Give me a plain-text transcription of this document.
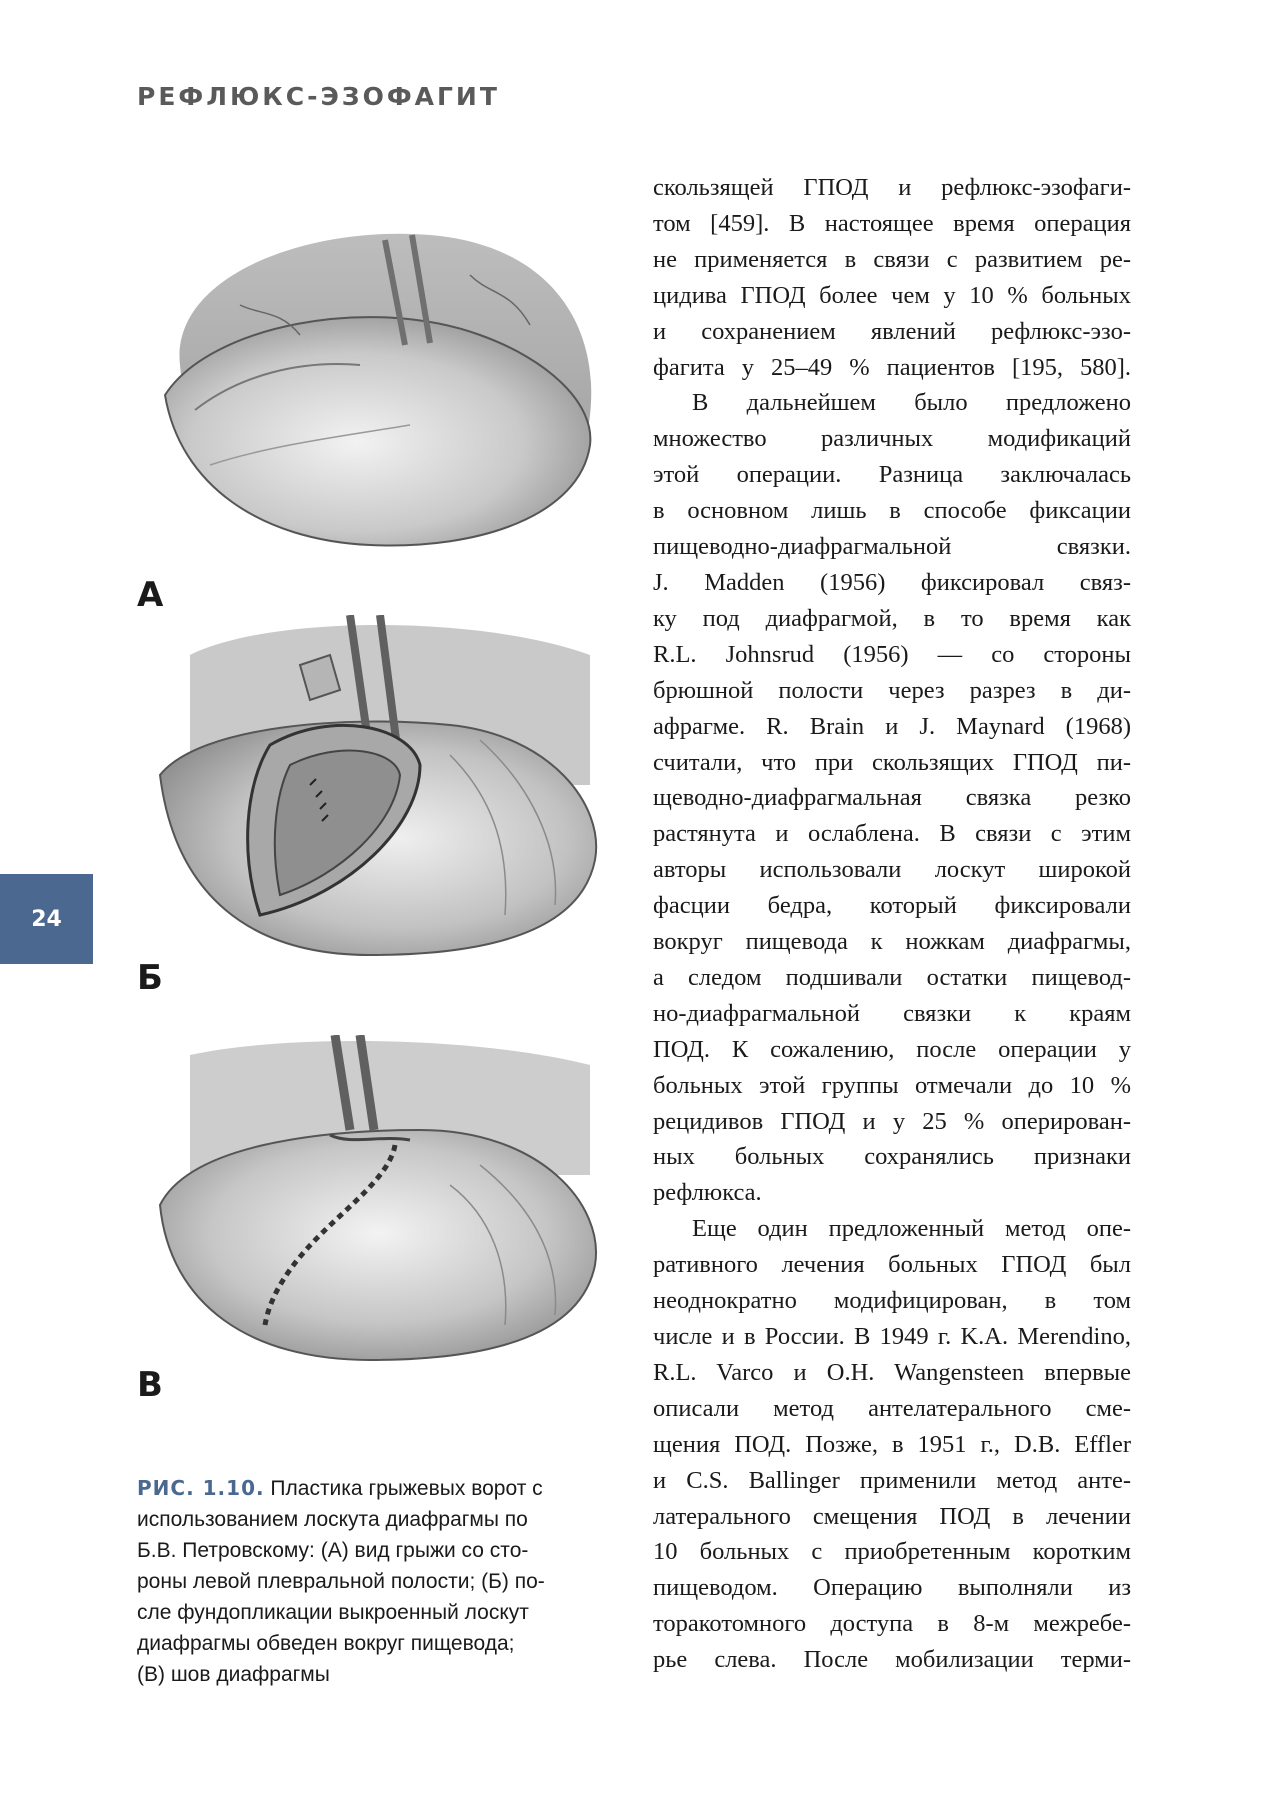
РЕФЛЮКС-ЭЗОФАГИТ
24
А
Б
В
РИС. 1.10. Пластика грыжевых ворот с
использованием лоскута диафрагмы по
Б.В. Петровскому: (А) вид грыжи со сто-
роны левой плевральной полости; (Б) по-
сле фундопликации выкроенный лоскут
диафрагмы обведен вокруг пищевода;
(В) шов диафрагмы
скользящей ГПОД и рефлюкс-эзофаги-
том [459]. В настоящее время операция
не применяется в связи с развитием ре-
цидива ГПОД более чем у 10 % больных
и сохранением явлений рефлюкс-эзо-
фагита у 25–49 % пациентов [195, 580].
В дальнейшем было предложено
множество различных модификаций
этой операции. Разница заключалась
в основном лишь в способе фиксации
пищеводно-диафрагмальной связки.
J. Madden (1956) фиксировал связ-
ку под диафрагмой, в то время как
R.L. Johnsrud (1956) — со стороны
брюшной полости через разрез в ди-
афрагме. R. Brain и J. Maynard (1968)
считали, что при скользящих ГПОД пи-
щеводно-диафрагмальная связка резко
растянута и ослаблена. В связи с этим
авторы использовали лоскут широкой
фасции бедра, который фиксировали
вокруг пищевода к ножкам диафрагмы,
а следом подшивали остатки пищевод-
но-диафрагмальной связки к краям
ПОД. К сожалению, после операции у
больных этой группы отмечали до 10 %
рецидивов ГПОД и у 25 % оперирован-
ных больных сохранялись признаки
рефлюкса.
Еще один предложенный метод опе-
ративного лечения больных ГПОД был
неоднократно модифицирован, в том
числе и в России. В 1949 г. K.A. Merendino,
R.L. Varco и O.H. Wangensteen впервые
описали метод антелатерального сме-
щения ПОД. Позже, в 1951 г., D.B. Effler
и C.S. Ballinger применили метод анте-
латерального смещения ПОД в лечении
10 больных с приобретенным коротким
пищеводом. Операцию выполняли из
торакотомного доступа в 8-м межребе-
рье слева. После мобилизации терми-
